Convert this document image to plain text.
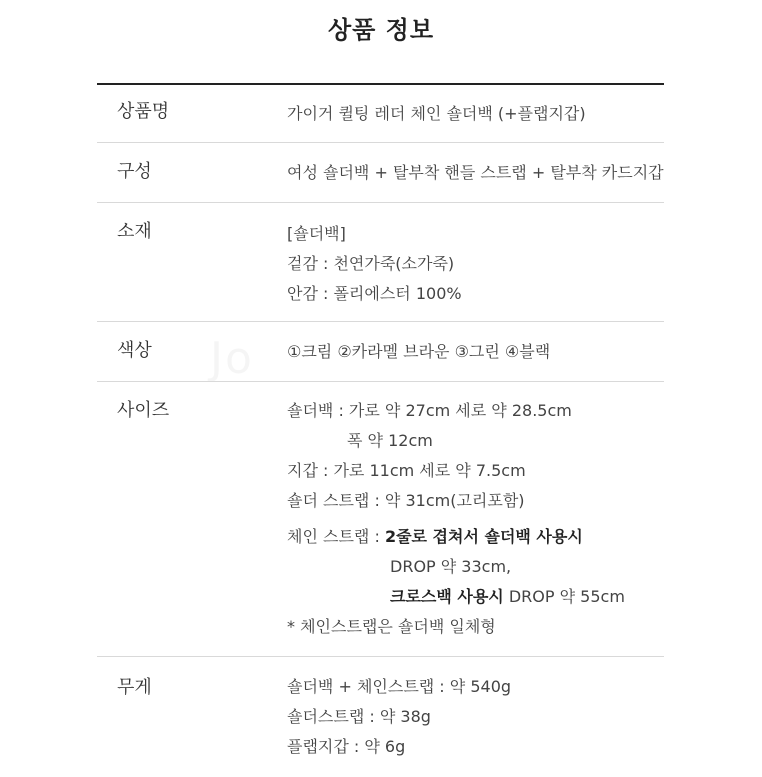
상품 정보
상품명	가이거 퀼팅 레더 체인 숄더백 (+플랩지갑)
구성	여성 숄더백 + 탈부착 핸들 스트랩 + 탈부착 카드지갑
소재	[숄더백]
겉감 : 천연가죽(소가죽)
안감 : 폴리에스터 100%
색상	①크림 ②카라멜 브라운 ③그린 ④블랙
사이즈	숄더백 : 가로 약 27cm 세로 약 28.5cm
폭 약 12cm
지갑 : 가로 11cm 세로 약 7.5cm
숄더 스트랩 : 약 31cm(고리포함)
체인 스트랩 : 2줄로 겹쳐서 숄더백 사용시
DROP 약 33cm,
크로스백 사용시 DROP 약 55cm
* 체인스트랩은 숄더백 일체형
무게	숄더백 + 체인스트랩 : 약 540g
숄더스트랩 : 약 38g
플랩지갑 : 약 6g
